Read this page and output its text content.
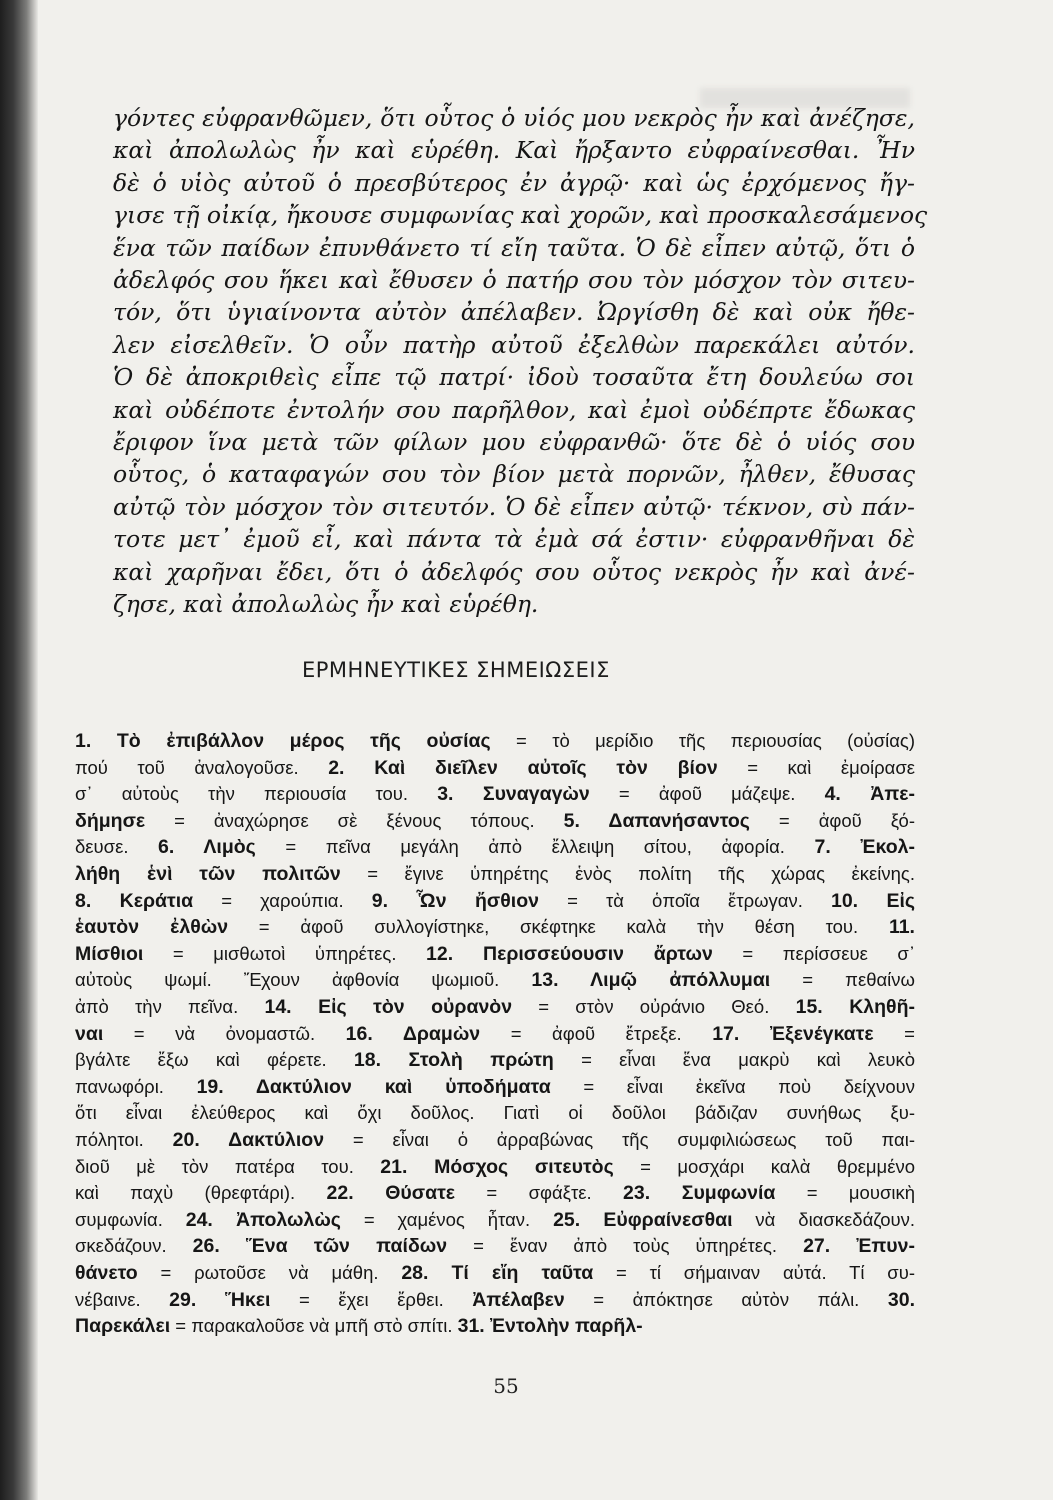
γόντες εὐφρανθῶμεν, ὅτι οὗτος ὁ υἱός μου νεκρὸς ἦν καὶ ἀνέζησε,

καὶ ἀπολωλὼς ἦν καὶ εὑρέθη. Καὶ ἤρξαντο εὐφραίνεσθαι. Ἦν

δὲ ὁ υἱὸς αὐτοῦ ὁ πρεσβύτερος ἐν ἀγρῷ· καὶ ὡς ἐρχόμενος ἤγ-

γισε τῇ οἰκίᾳ, ἤκουσε συμφωνίας καὶ χορῶν, καὶ προσκαλεσάμενος

ἕνα τῶν παίδων ἐπυνθάνετο τί εἴη ταῦτα. Ὁ δὲ εἶπεν αὐτῷ, ὅτι ὁ

ἀδελφός σου ἥκει καὶ ἔθυσεν ὁ πατήρ σου τὸν μόσχον τὸν σιτευ-

τόν, ὅτι ὑγιαίνοντα αὐτὸν ἀπέλαβεν. Ὠργίσθη δὲ καὶ οὐκ ἤθε-

λεν εἰσελθεῖν. Ὁ οὖν πατὴρ αὐτοῦ ἐξελθὼν παρεκάλει αὐτόν.

Ὁ δὲ ἀποκριθεὶς εἶπε τῷ πατρί· ἰδοὺ τοσαῦτα ἔτη δουλεύω σοι

καὶ οὐδέποτε ἐντολήν σου παρῆλθον, καὶ ἐμοὶ οὐδέπρτε ἔδωκας

ἔριφον ἵνα μετὰ τῶν φίλων μου εὐφρανθῶ· ὅτε δὲ ὁ υἱός σου

οὗτος, ὁ καταφαγών σου τὸν βίον μετὰ πορνῶν, ἦλθεν, ἔθυσας

αὐτῷ τὸν μόσχον τὸν σιτευτόν. Ὁ δὲ εἶπεν αὐτῷ· τέκνον, σὺ πάν-

τοτε μετ᾽ ἐμοῦ εἶ, καὶ πάντα τὰ ἐμὰ σά ἐστιν· εὐφρανθῆναι δὲ

καὶ χαρῆναι ἔδει, ὅτι ὁ ἀδελφός σου οὗτος νεκρὸς ἦν καὶ ἀνέ-

ζησε, καὶ ἀπολωλὼς ἦν καὶ εὑρέθη.

ΕΡΜΗΝΕΥΤΙΚΕΣ ΣΗΜΕΙΩΣΕΙΣ

1. Τὸ ἐπιβάλλον μέρος τῆς οὐσίας = τὸ μερίδιο τῆς περιουσίας (οὐσίας)

πού τοῦ ἀναλογοῦσε. 2. Καὶ διεῖλεν αὐτοῖς τὸν βίον = καὶ ἐμοίρασε

σ᾽ αὐτοὺς τὴν περιουσία του. 3. Συναγαγὼν = ἀφοῦ μάζεψε. 4. Ἀπε-

δήμησε = ἀναχώρησε σὲ ξένους τόπους. 5. Δαπανήσαντος = ἀφοῦ ξό-

δευσε. 6. Λιμὸς = πεῖνα μεγάλη ἀπὸ ἔλλειψη σίτου, ἀφορία. 7. Ἐκολ-

λήθη ἑνὶ τῶν πολιτῶν = ἔγινε ὑπηρέτης ἑνὸς πολίτη τῆς χώρας ἐκείνης.

8. Κεράτια = χαρούπια. 9. Ὧν ἤσθιον = τὰ ὁποῖα ἔτρωγαν. 10. Εἰς

ἑαυτὸν ἐλθὼν = ἀφοῦ συλλογίστηκε, σκέφτηκε καλὰ τὴν θέση του. 11.

Μίσθιοι = μισθωτοὶ ὑπηρέτες. 12. Περισσεύουσιν ἄρτων = περίσσευε σ᾽

αὐτοὺς ψωμί. Ἔχουν ἀφθονία ψωμιοῦ. 13. Λιμῷ ἀπόλλυμαι = πεθαίνω

ἀπὸ τὴν πεῖνα. 14. Εἰς τὸν οὐρανὸν = στὸν οὐράνιο Θεό. 15. Κληθῆ-

ναι = νὰ ὀνομαστῶ. 16. Δραμὼν = ἀφοῦ ἔτρεξε. 17. Ἐξενέγκατε =

βγάλτε ἔξω καὶ φέρετε. 18. Στολὴ πρώτη = εἶναι ἕνα μακρὺ καὶ λευκὸ

πανωφόρι. 19. Δακτύλιον καὶ ὑποδήματα = εἶναι ἐκεῖνα ποὺ δείχνουν

ὅτι εἶναι ἐλεύθερος καὶ ὄχι δοῦλος. Γιατὶ οἱ δοῦλοι βάδιζαν συνήθως ξυ-

πόλητοι. 20. Δακτύλιον = εἶναι ὁ ἀρραβώνας τῆς συμφιλιώσεως τοῦ παι-

διοῦ μὲ τὸν πατέρα του. 21. Μόσχος σιτευτὸς = μοσχάρι καλὰ θρεμμένο

καὶ παχὺ (θρεφτάρι). 22. Θύσατε = σφάξτε. 23. Συμφωνία = μουσικὴ

συμφωνία. 24. Ἀπολωλὼς = χαμένος ἦταν. 25. Εὐφραίνεσθαι νὰ διασκεδάζουν.

σκεδάζουν. 26. Ἕνα τῶν παίδων = ἕναν ἀπὸ τοὺς ὑπηρέτες. 27. Ἐπυν-

θάνετο = ρωτοῦσε νὰ μάθη. 28. Τί εἴη ταῦτα = τί σήμαιναν αὐτά. Τί συ-

νέβαινε. 29. Ἥκει = ἔχει ἔρθει. Ἀπέλαβεν = ἀπόκτησε αὐτὸν πάλι. 30.

Παρεκάλει = παρακαλοῦσε νὰ μπῆ στὸ σπίτι. 31. Ἐντολὴν παρῆλ-

55
